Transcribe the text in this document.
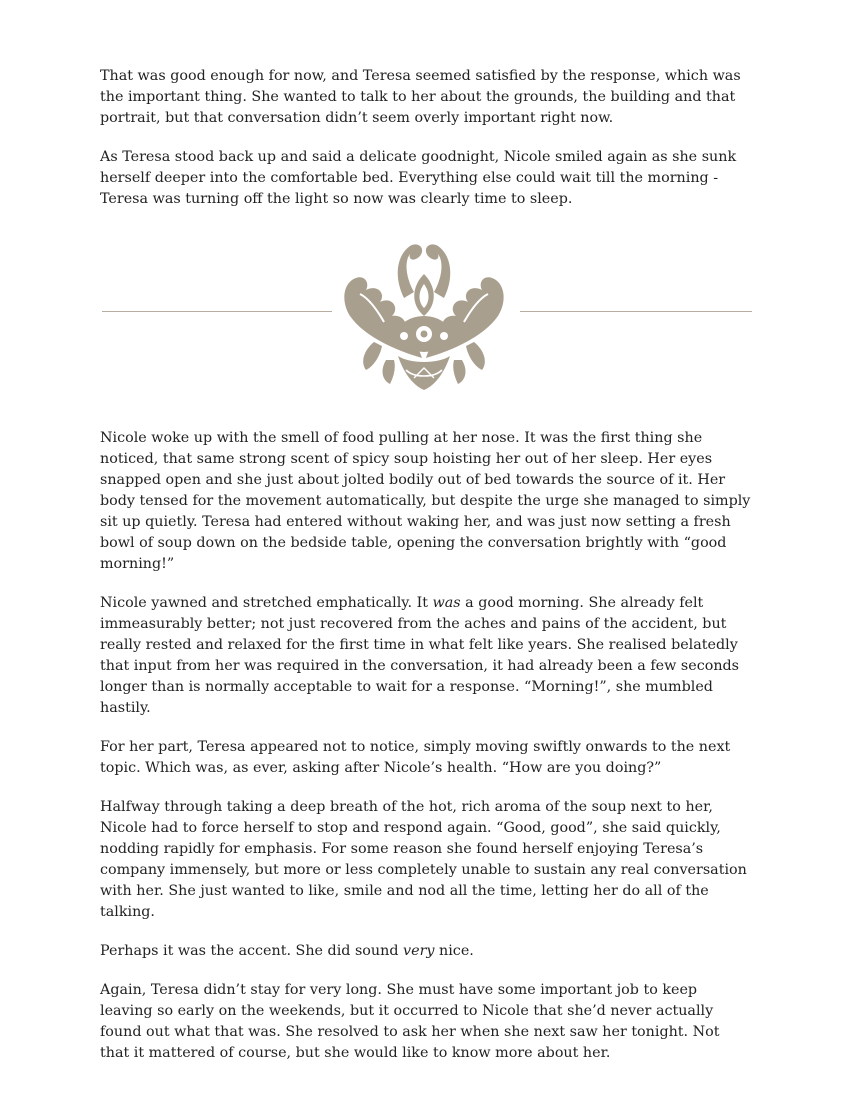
That was good enough for now, and Teresa seemed satisfied by the response, which was the important thing. She wanted to talk to her about the grounds, the building and that portrait, but that conversation didn’t seem overly important right now.

As Teresa stood back up and said a delicate goodnight, Nicole smiled again as she sunk herself deeper into the comfortable bed. Everything else could wait till the morning - Teresa was turning off the light so now was clearly time to sleep.

Nicole woke up with the smell of food pulling at her nose. It was the first thing she noticed, that same strong scent of spicy soup hoisting her out of her sleep. Her eyes snapped open and she just about jolted bodily out of bed towards the source of it. Her body tensed for the movement automatically, but despite the urge she managed to simply sit up quietly. Teresa had entered without waking her, and was just now setting a fresh bowl of soup down on the bedside table, opening the conversation brightly with “good morning!”

Nicole yawned and stretched emphatically. It was a good morning. She already felt immeasurably better; not just recovered from the aches and pains of the accident, but really rested and relaxed for the first time in what felt like years. She realised belatedly that input from her was required in the conversation, it had already been a few seconds longer than is normally acceptable to wait for a response. “Morning!”, she mumbled hastily.

For her part, Teresa appeared not to notice, simply moving swiftly onwards to the next topic. Which was, as ever, asking after Nicole’s health. “How are you doing?”

Halfway through taking a deep breath of the hot, rich aroma of the soup next to her, Nicole had to force herself to stop and respond again. “Good, good”, she said quickly, nodding rapidly for emphasis. For some reason she found herself enjoying Teresa’s company immensely, but more or less completely unable to sustain any real conversation with her. She just wanted to like, smile and nod all the time, letting her do all of the talking.

Perhaps it was the accent. She did sound very nice.

Again, Teresa didn’t stay for very long. She must have some important job to keep leaving so early on the weekends, but it occurred to Nicole that she’d never actually found out what that was. She resolved to ask her when she next saw her tonight. Not that it mattered of course, but she would like to know more about her.
